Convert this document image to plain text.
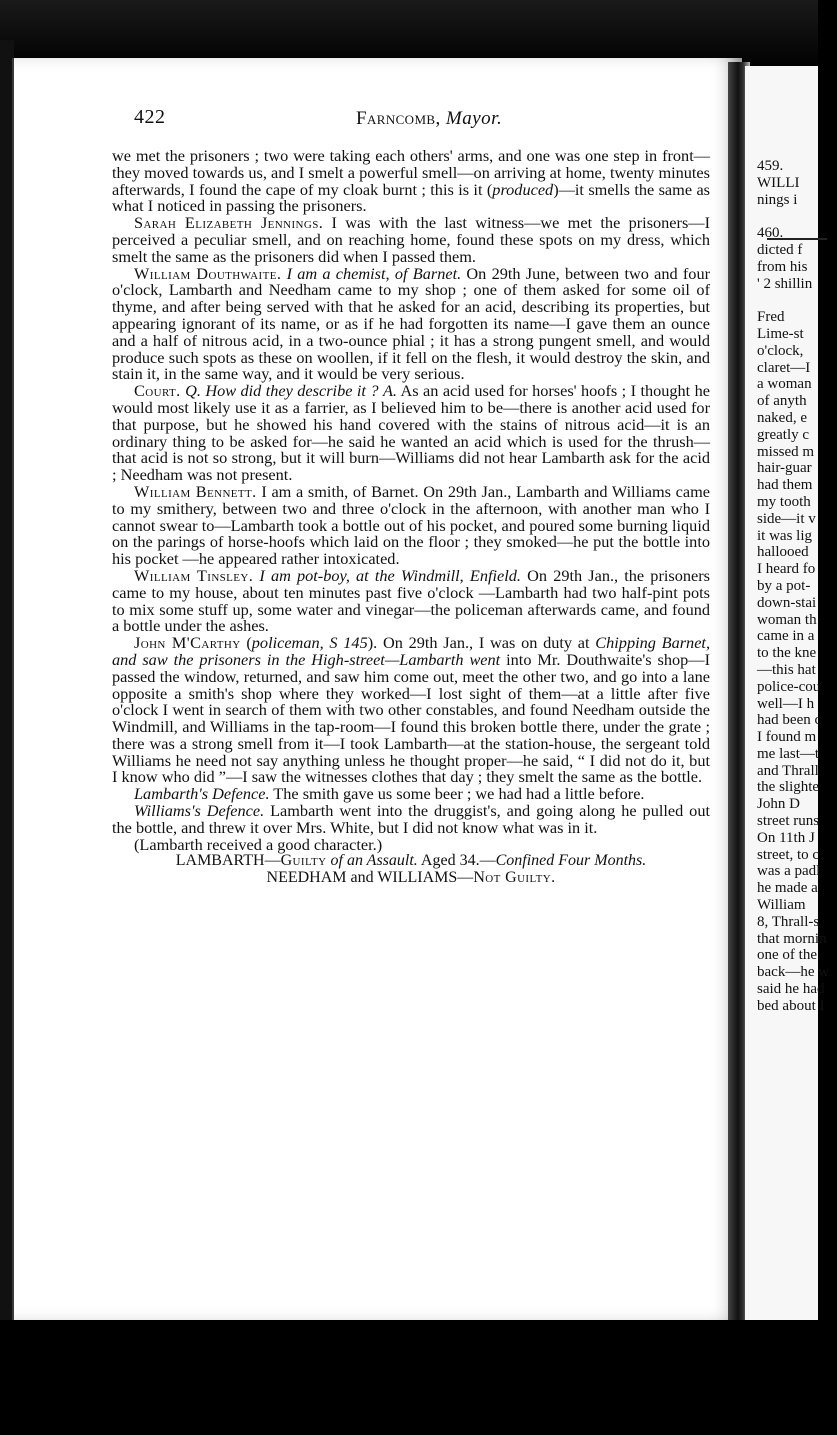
422	Farncomb, Mayor.

we met the prisoners ; two were taking each others' arms, and one was one step in front—they moved towards us, and I smelt a powerful smell—on arriving at home, twenty minutes afterwards, I found the cape of my cloak burnt ; this is it (produced)—it smells the same as what I noticed in passing the prisoners.

Sarah Elizabeth Jennings. I was with the last witness—we met the prisoners—I perceived a peculiar smell, and on reaching home, found these spots on my dress, which smelt the same as the prisoners did when I passed them.

William Douthwaite. I am a chemist, of Barnet. On 29th June, between two and four o'clock, Lambarth and Needham came to my shop ; one of them asked for some oil of thyme, and after being served with that he asked for an acid, describing its properties, but appearing ignorant of its name, or as if he had forgotten its name—I gave them an ounce and a half of nitrous acid, in a two-ounce phial ; it has a strong pungent smell, and would produce such spots as these on woollen, if it fell on the flesh, it would destroy the skin, and stain it, in the same way, and it would be very serious.

Court. Q. How did they describe it ? A. As an acid used for horses' hoofs ; I thought he would most likely use it as a farrier, as I believed him to be—there is another acid used for that purpose, but he showed his hand covered with the stains of nitrous acid—it is an ordinary thing to be asked for—he said he wanted an acid which is used for the thrush—that acid is not so strong, but it will burn—Williams did not hear Lambarth ask for the acid ; Needham was not present.

William Bennett. I am a smith, of Barnet. On 29th Jan., Lambarth and Williams came to my smithery, between two and three o'clock in the afternoon, with another man who I cannot swear to—Lambarth took a bottle out of his pocket, and poured some burning liquid on the parings of horse-hoofs which laid on the floor ; they smoked—he put the bottle into his pocket —he appeared rather intoxicated.

William Tinsley. I am pot-boy, at the Windmill, Enfield. On 29th Jan., the prisoners came to my house, about ten minutes past five o'clock —Lambarth had two half-pint pots to mix some stuff up, some water and vinegar—the policeman afterwards came, and found a bottle under the ashes.

John M'Carthy (policeman, S 145). On 29th Jan., I was on duty at Chipping Barnet, and saw the prisoners in the High-street—Lambarth went into Mr. Douthwaite's shop—I passed the window, returned, and saw him come out, meet the other two, and go into a lane opposite a smith's shop where they worked—I lost sight of them—at a little after five o'clock I went in search of them with two other constables, and found Needham outside the Windmill, and Williams in the tap-room—I found this broken bottle there, under the grate ; there was a strong smell from it—I took Lambarth—at the station-house, the sergeant told Williams he need not say anything unless he thought proper—he said, “ I did not do it, but I know who did ”—I saw the witnesses clothes that day ; they smelt the same as the bottle.

Lambarth's Defence. The smith gave us some beer ; we had had a little before.

Williams's Defence. Lambarth went into the druggist's, and going along he pulled out the bottle, and threw it over Mrs. White, but I did not know what was in it.

(Lambarth received a good character.)

LAMBARTH—Guilty of an Assault. Aged 34.—Confined Four Months.

NEEDHAM and WILLIAMS—Not Guilty.

459.
WILLI
nings i
460.
dicted f
from his
' 2 shillin
Fred
Lime-st
o'clock,
claret—I
a woman
of anyth
naked, e
greatly c
missed m
hair-guar
had them
my tooth
side—it v
it was lig
hallooed
I heard fo
by a pot-
down-stai
woman th
came in a
to the kne
—this hat
police-cou
well—I h
had been c
I found m
me last—t
and Thrall
the slighte
John D
street runs
On 11th J
street, to c
was a padl
he made a
William
8, Thrall-s
that mornin
one of the
back—he w
said he had
bed about I
